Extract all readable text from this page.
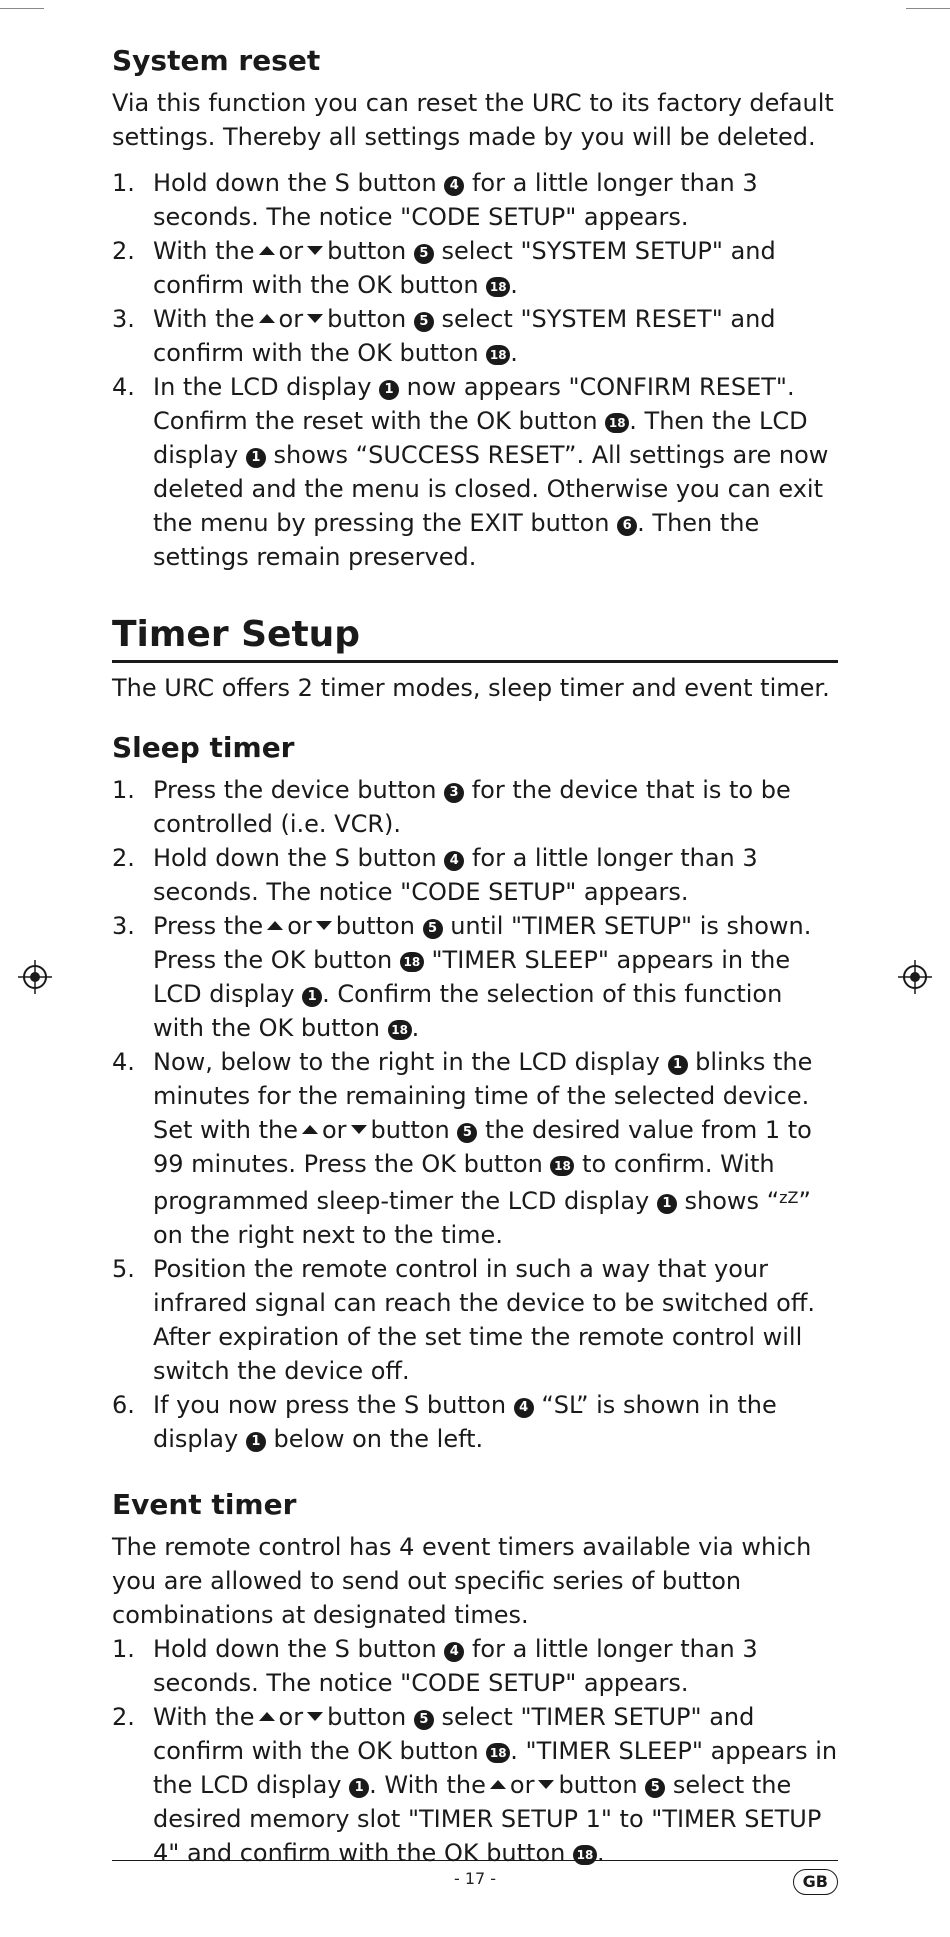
System reset

Via this function you can reset the URC to its factory default settings. Thereby all settings made by you will be deleted.

1. Hold down the S button 4 for a little longer than 3 seconds. The notice "CODE SETUP" appears.
2. With the or button 5 select "SYSTEM SETUP" and confirm with the OK button 18 .
3. With the or button 5 select "SYSTEM RESET" and confirm with the OK button 18 .
4. In the LCD display 1 now appears "CONFIRM RESET". Confirm the reset with the OK button 18 . Then the LCD display 1 shows “SUCCESS RESET”. All settings are now deleted and the menu is closed. Otherwise you can exit the menu by pressing the EXIT button 6 . Then the settings remain preserved.
Timer Setup

The URC offers 2 timer modes, sleep timer and event timer.

Sleep timer
1. Press the device button 3 for the device that is to be controlled (i.e. VCR).
2. Hold down the S button 4 for a little longer than 3 seconds. The notice "CODE SETUP" appears.
3. Press the or button 5 until "TIMER SETUP" is shown. Press the OK button 18 "TIMER SLEEP" appears in the LCD display 1 . Confirm the selection of this function with the OK button 18 .
4. Now, below to the right in the LCD display 1 blinks the minutes for the remaining time of the selected device. Set with the or button 5 the desired value from 1 to 99 minutes. Press the OK button 18 to confirm. With programmed sleep-timer the LCD display 1 shows “$^{zZ}$” on the right next to the time.
5. Position the remote control in such a way that your infrared signal can reach the device to be switched off. After expiration of the set time the remote control will switch the device off.
6. If you now press the S button 4 “SL” is shown in the display 1 below on the left.
Event timer

The remote control has 4 event timers available via which you are allowed to send out specific series of button combinations at designated times.

1. Hold down the S button 4 for a little longer than 3 seconds. The notice "CODE SETUP" appears.
2. With the or button 5 select "TIMER SETUP" and confirm with the OK button 18 . "TIMER SLEEP" appears in the LCD display 1 . With the or button 5 select the desired memory slot "TIMER SETUP 1" to "TIMER SETUP 4" and confirm with the OK button 18 .
- 17 -	GB
